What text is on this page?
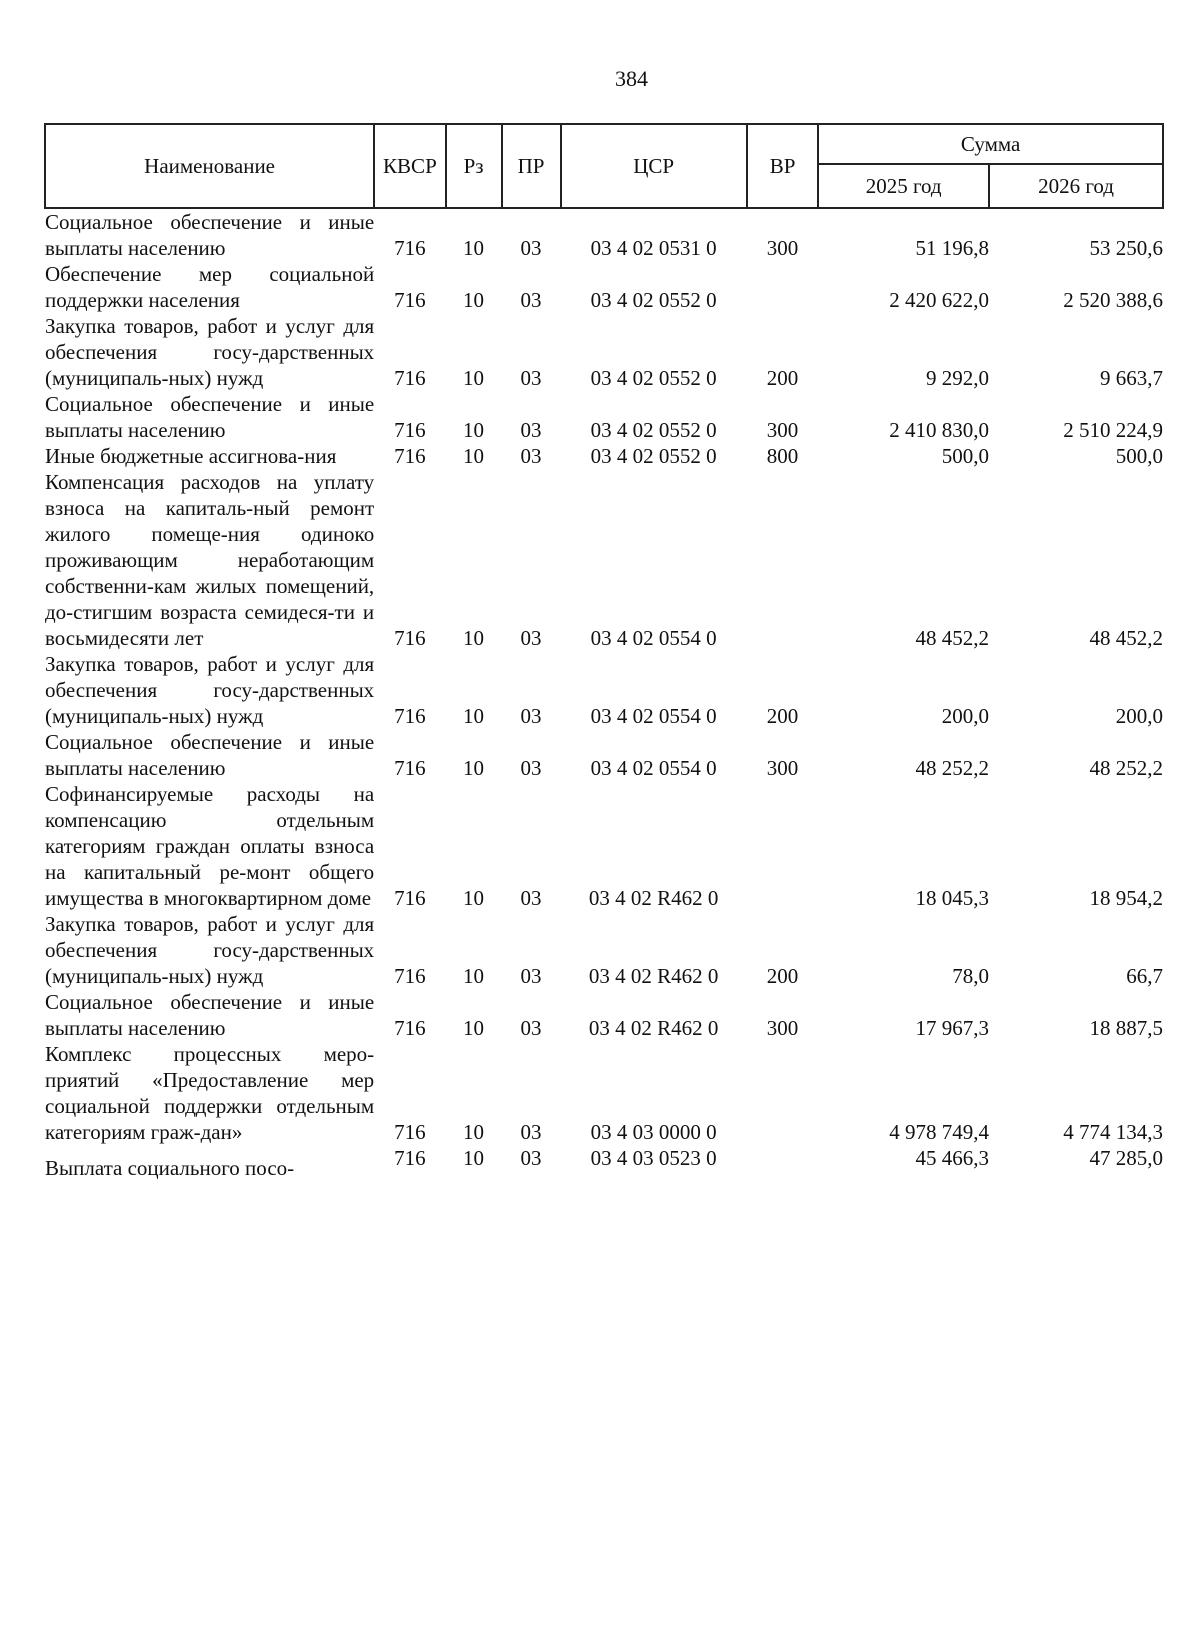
384
Наименование	КВСР	Рз	ПР	ЦСР	ВР	Сумма	
						2025 год	2026 год
Социальное обеспечение и иные выплаты населению	716	10	03	03 4 02 0531 0	300	51 196,8	53 250,6
Обеспечение мер социальной поддержки населения	716	10	03	03 4 02 0552 0		2 420 622,0	2 520 388,6
Закупка товаров, работ и услуг для обеспечения госу-дарственных (муниципаль-ных) нужд	716	10	03	03 4 02 0552 0	200	9 292,0	9 663,7
Социальное обеспечение и иные выплаты населению	716	10	03	03 4 02 0552 0	300	2 410 830,0	2 510 224,9
Иные бюджетные ассигнова-ния	716	10	03	03 4 02 0552 0	800	500,0	500,0
Компенсация расходов на уплату взноса на капиталь-ный ремонт жилого помеще-ния одиноко проживающим неработающим собственни-кам жилых помещений, до-стигшим возраста семидеся-ти и восьмидесяти лет	716	10	03	03 4 02 0554 0		48 452,2	48 452,2
Закупка товаров, работ и услуг для обеспечения госу-дарственных (муниципаль-ных) нужд	716	10	03	03 4 02 0554 0	200	200,0	200,0
Социальное обеспечение и иные выплаты населению	716	10	03	03 4 02 0554 0	300	48 252,2	48 252,2
Софинансируемые расходы на компенсацию отдельным категориям граждан оплаты взноса на капитальный ре-монт общего имущества в многоквартирном доме	716	10	03	03 4 02 R462 0		18 045,3	18 954,2
Закупка товаров, работ и услуг для обеспечения госу-дарственных (муниципаль-ных) нужд	716	10	03	03 4 02 R462 0	200	78,0	66,7
Социальное обеспечение и иные выплаты населению	716	10	03	03 4 02 R462 0	300	17 967,3	18 887,5
Комплекс процессных меро-приятий «Предоставление мер социальной поддержки отдельным категориям граж-дан»	716	10	03	03 4 03 0000 0		4 978 749,4	4 774 134,3
Выплата социального посо-	716	10	03	03 4 03 0523 0		45 466,3	47 285,0
